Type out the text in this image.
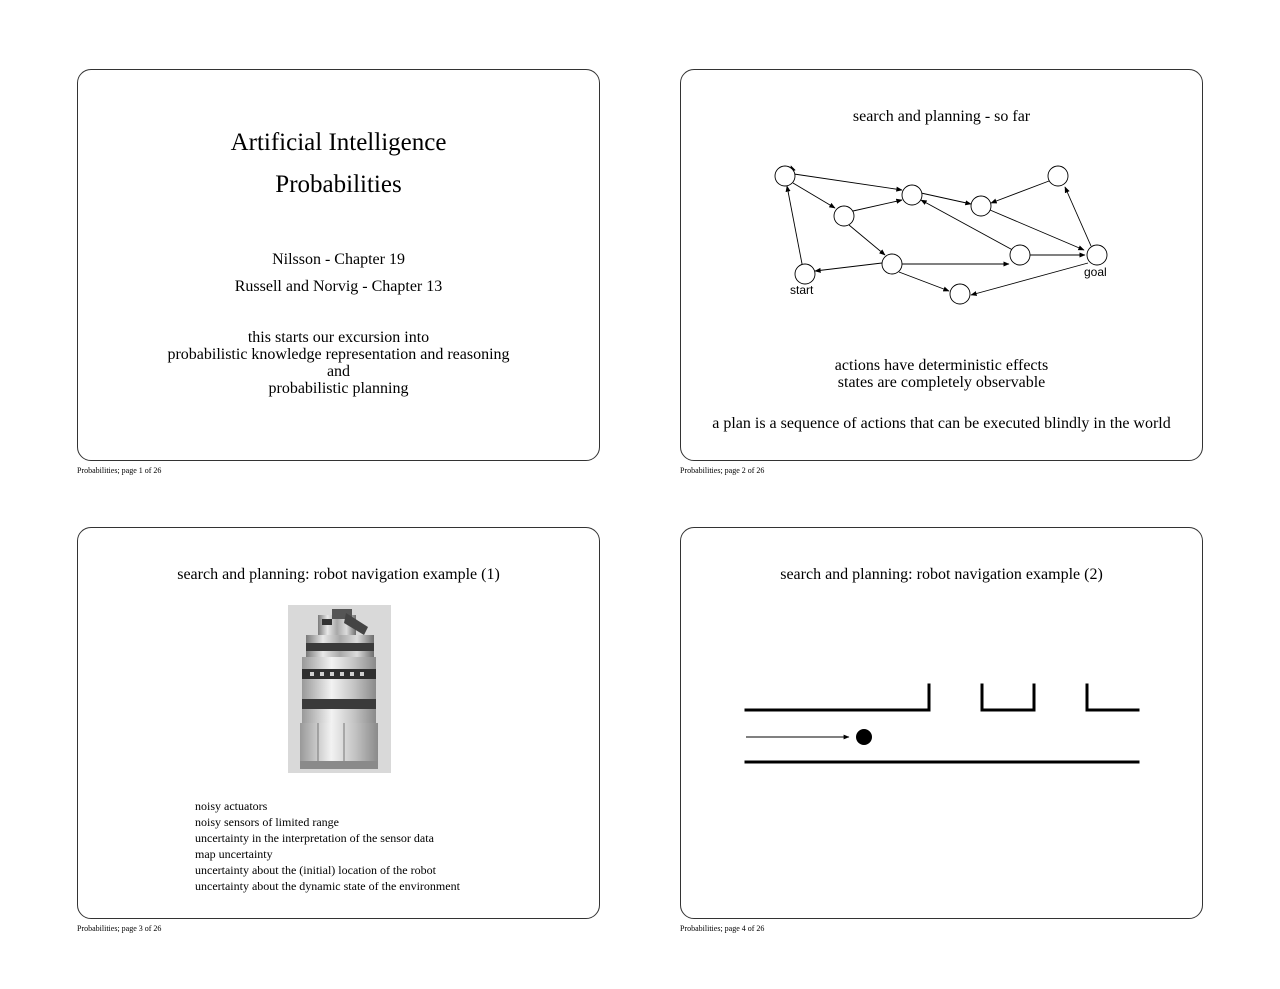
Artificial Intelligence
Probabilities
Nilsson - Chapter 19
Russell and Norvig - Chapter 13
this starts our excursion into
probabilistic knowledge representation and reasoning
and
probabilistic planning
Probabilities; page 1 of 26
search and planning - so far
start
goal
actions have deterministic effects
states are completely observable
a plan is a sequence of actions that can be executed blindly in the world
Probabilities; page 2 of 26
search and planning: robot navigation example (1)
noisy actuators
noisy sensors of limited range
uncertainty in the interpretation of the sensor data
map uncertainty
uncertainty about the (initial) location of the robot
uncertainty about the dynamic state of the environment
Probabilities; page 3 of 26
search and planning: robot navigation example (2)
Probabilities; page 4 of 26
